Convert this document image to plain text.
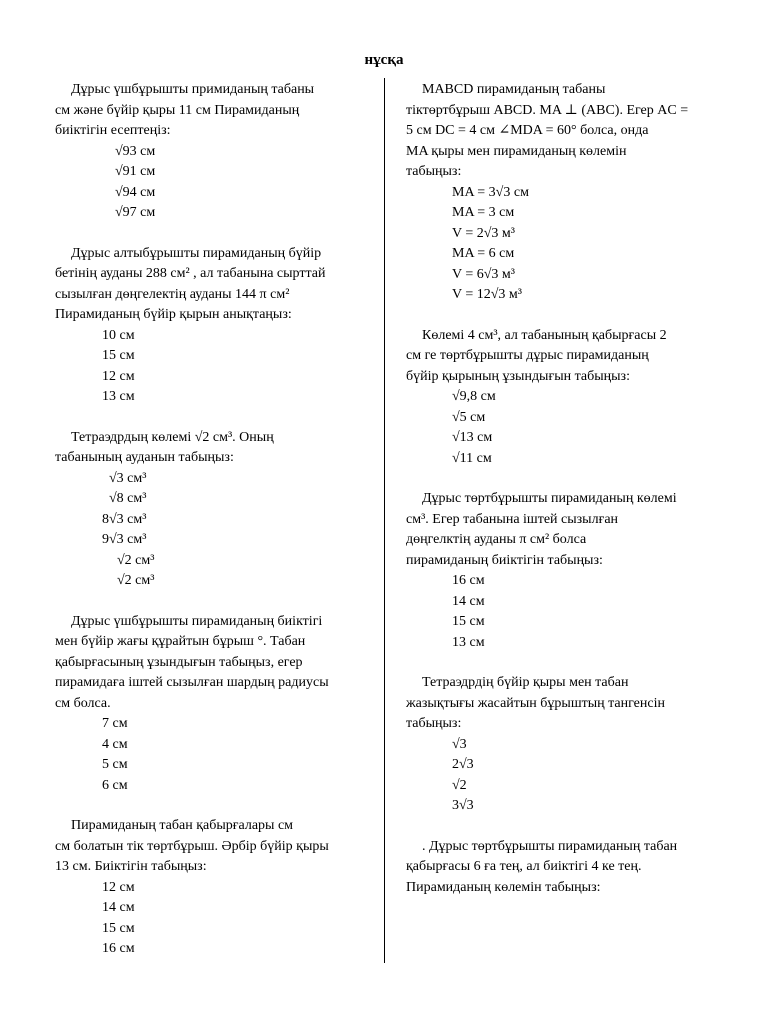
нұсқа
Дұрыс үшбұрышты примиданың табаны
см және бүйір қыры 11 см Пирамиданың
биіктігін есептеңіз:
√93 см
√91 см
√94 см
√97 см
Дұрыс алтыбұрышты пирамиданың бүйір
бетінің ауданы 288 см² , ал табанына сырттай
сызылған дөңгелектің ауданы 144 π см²
Пирамиданың бүйір қырын анықтаңыз:
10 см
15 см
12 см
13 см
Тетраэдрдың көлемі √2 см³. Оның
табанының ауданын табыңыз:
√3 см³
√8 см³
8√3 см³
9√3 см³
√2 см³
√2 см³
Дұрыс үшбұрышты пирамиданың биіктігі
мен бүйір жағы құрайтын бұрыш °. Табан
қабырғасының ұзындығын табыңыз, егер
пирамидаға іштей сызылған шардың радиусы
см болса.
7 см
4 см
5 см
6 см
Пирамиданың табан қабырғалары см
см болатын тік төртбұрыш. Әрбір бүйір қыры
13 см. Биіктігін табыңыз:
12 см
14 см
15 см
16 см
MABCD пирамиданың табаны
тіктөртбұрыш ABCD. MA ⊥ (ABC). Егер AC =
5 см DC = 4 см ∠MDA = 60° болса, онда
MA қыры мен пирамиданың көлемін
табыңыз:
MA = 3√3 см
MA = 3 см
V = 2√3 м³
MA = 6 см
V = 6√3 м³
V = 12√3 м³
Көлемі 4 см³, ал табанының қабырғасы 2
см ге төртбұрышты дұрыс пирамиданың
бүйір қырының ұзындығын табыңыз:
√9,8 см
√5 см
√13 см
√11 см
Дұрыс төртбұрышты пирамиданың көлемі
см³. Егер табанына іштей сызылған
дөңгелктің ауданы π см² болса
пирамиданың биіктігін табыңыз:
16 см
14 см
15 см
13 см
Тетраэдрдің бүйір қыры мен табан
жазықтығы жасайтын бұрыштың тангенсін
табыңыз:
√3
2√3
√2
3√3
. Дұрыс төртбұрышты пирамиданың табан
қабырғасы 6 ға тең, ал биіктігі 4 ке тең.
Пирамиданың көлемін табыңыз:
